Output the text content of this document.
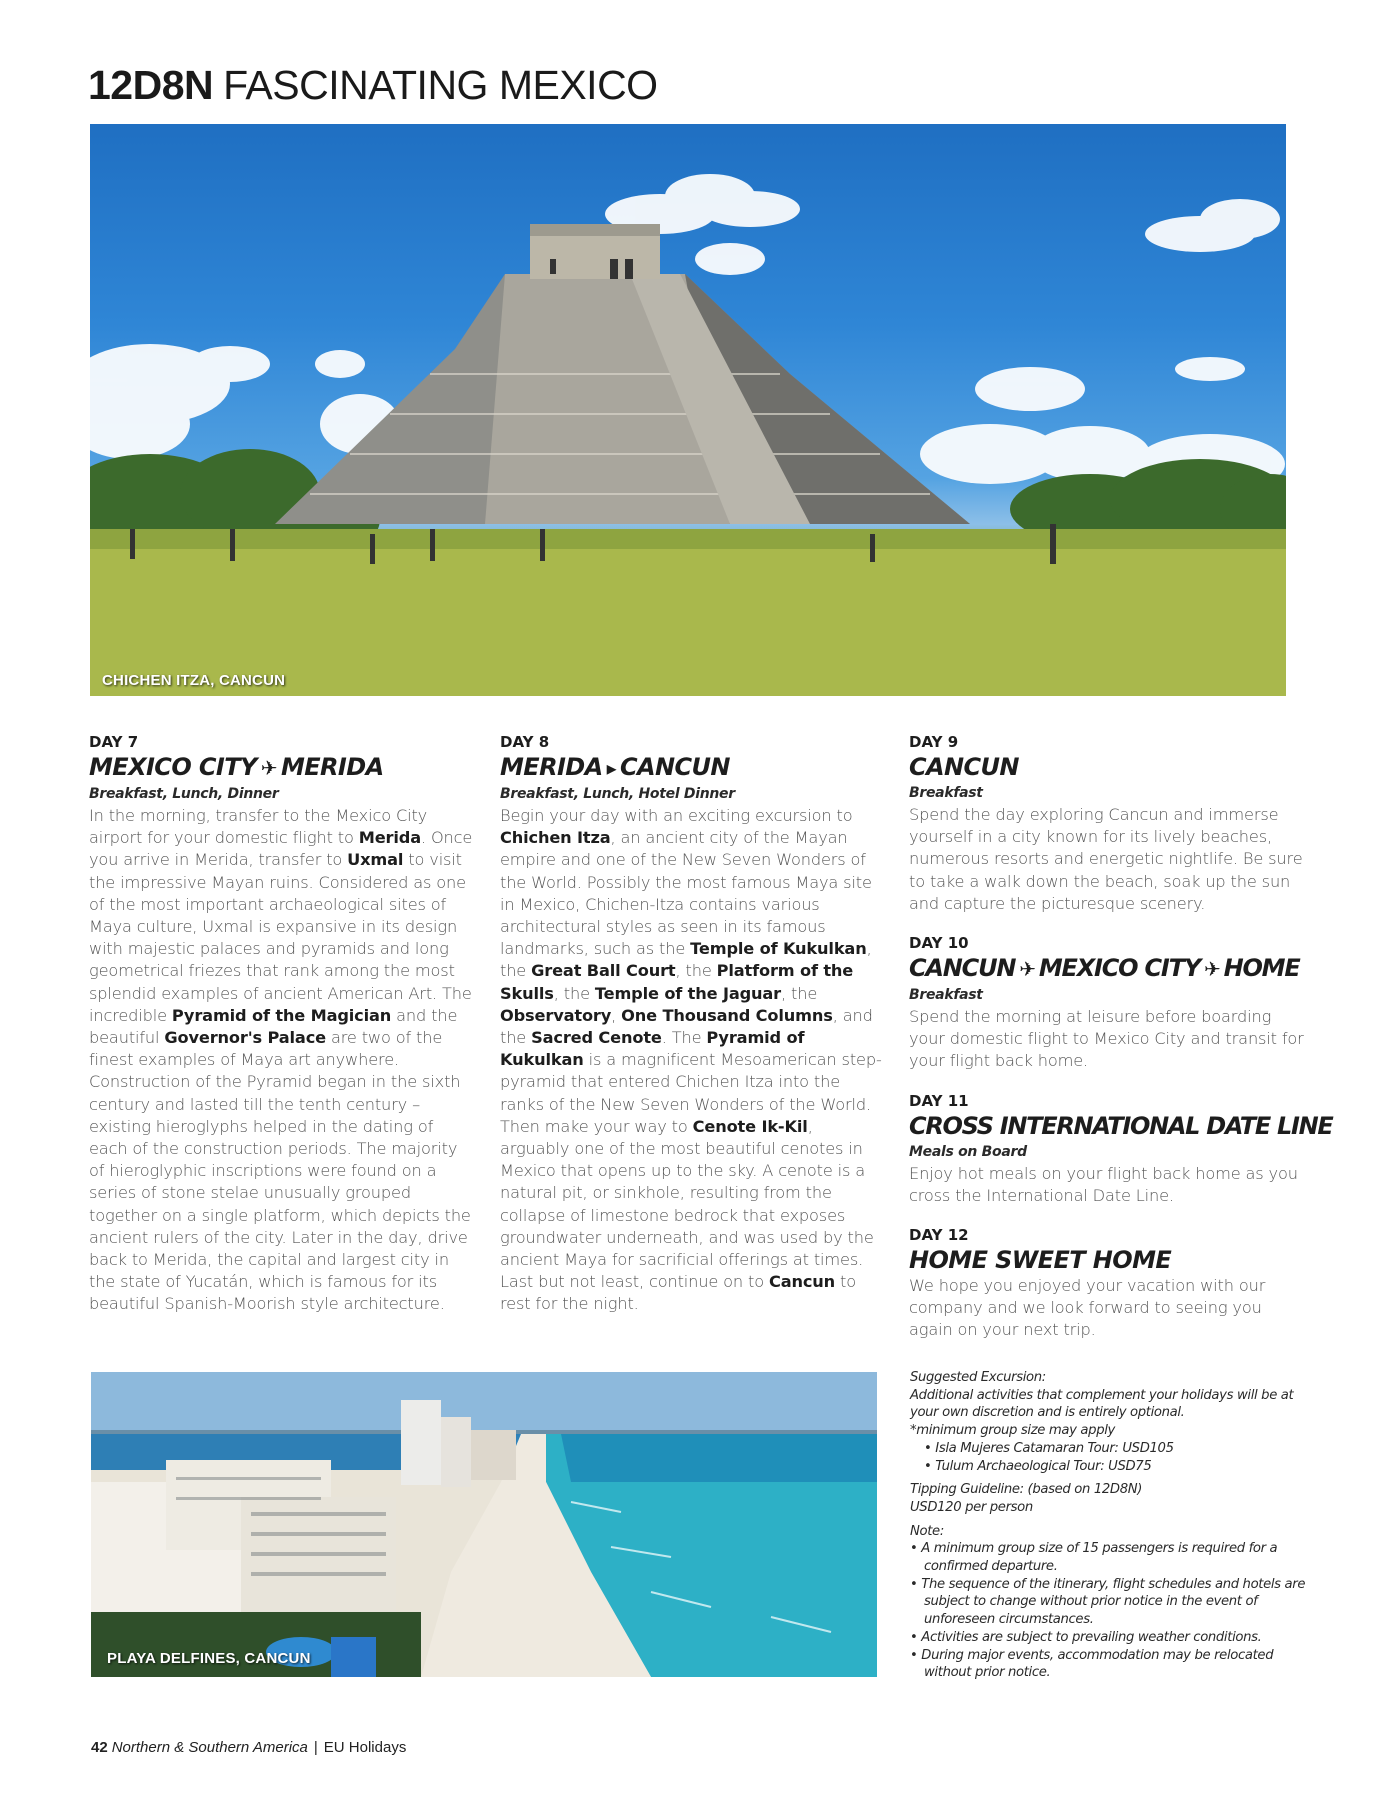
12D8N FASCINATING MEXICO
CHICHEN ITZA, CANCUN
DAY 7
MEXICO CITY ✈ MERIDA
Breakfast, Lunch, Dinner

In the morning, transfer to the Mexico City airport for your domestic flight to Merida. Once you arrive in Merida, transfer to Uxmal to visit the impressive Mayan ruins. Considered as one of the most important archaeological sites of Maya culture, Uxmal is expansive in its design with majestic palaces and pyramids and long geometrical friezes that rank among the most splendid examples of ancient American Art. The incredible Pyramid of the Magician and the beautiful Governor's Palace are two of the finest examples of Maya art anywhere. Construction of the Pyramid began in the sixth century and lasted till the tenth century – existing hieroglyphs helped in the dating of each of the construction periods. The majority of hieroglyphic inscriptions were found on a series of stone stelae unusually grouped together on a single platform, which depicts the ancient rulers of the city. Later in the day, drive back to Merida, the capital and largest city in the state of Yucatán, which is famous for its beautiful Spanish-Moorish style architecture.

DAY 8
MERIDA ▸ CANCUN
Breakfast, Lunch, Hotel Dinner

Begin your day with an exciting excursion to Chichen Itza, an ancient city of the Mayan empire and one of the New Seven Wonders of the World. Possibly the most famous Maya site in Mexico, Chichen-Itza contains various architectural styles as seen in its famous landmarks, such as the Temple of Kukulkan, the Great Ball Court, the Platform of the Skulls, the Temple of the Jaguar, the Observatory, One Thousand Columns, and the Sacred Cenote. The Pyramid of Kukulkan is a magnificent Mesoamerican step-pyramid that entered Chichen Itza into the ranks of the New Seven Wonders of the World. Then make your way to Cenote Ik-Kil, arguably one of the most beautiful cenotes in Mexico that opens up to the sky. A cenote is a natural pit, or sinkhole, resulting from the collapse of limestone bedrock that exposes groundwater underneath, and was used by the ancient Maya for sacrificial offerings at times. Last but not least, continue on to Cancun to rest for the night.

DAY 9
CANCUN
Breakfast

Spend the day exploring Cancun and immerse yourself in a city known for its lively beaches, numerous resorts and energetic nightlife. Be sure to take a walk down the beach, soak up the sun and capture the picturesque scenery.

DAY 10
CANCUN ✈ MEXICO CITY ✈ HOME
Breakfast

Spend the morning at leisure before boarding your domestic flight to Mexico City and transit for your flight back home.

DAY 11
CROSS INTERNATIONAL DATE LINE
Meals on Board

Enjoy hot meals on your flight back home as you cross the International Date Line.

DAY 12
HOME SWEET HOME

We hope you enjoyed your vacation with our company and we look forward to seeing you again on your next trip.

PLAYA DELFINES, CANCUN

Suggested Excursion:
Additional activities that complement your holidays will be at your own discretion and is entirely optional.
*minimum group size may apply
• Isla Mujeres Catamaran Tour: USD105
• Tulum Archaeological Tour: USD75

Tipping Guideline: (based on 12D8N)
USD120 per person

Note:
• A minimum group size of 15 passengers is required for a confirmed departure.
• The sequence of the itinerary, flight schedules and hotels are subject to change without prior notice in the event of unforeseen circumstances.
• Activities are subject to prevailing weather conditions.
• During major events, accommodation may be relocated without prior notice.
42 Northern & Southern America | EU Holidays
